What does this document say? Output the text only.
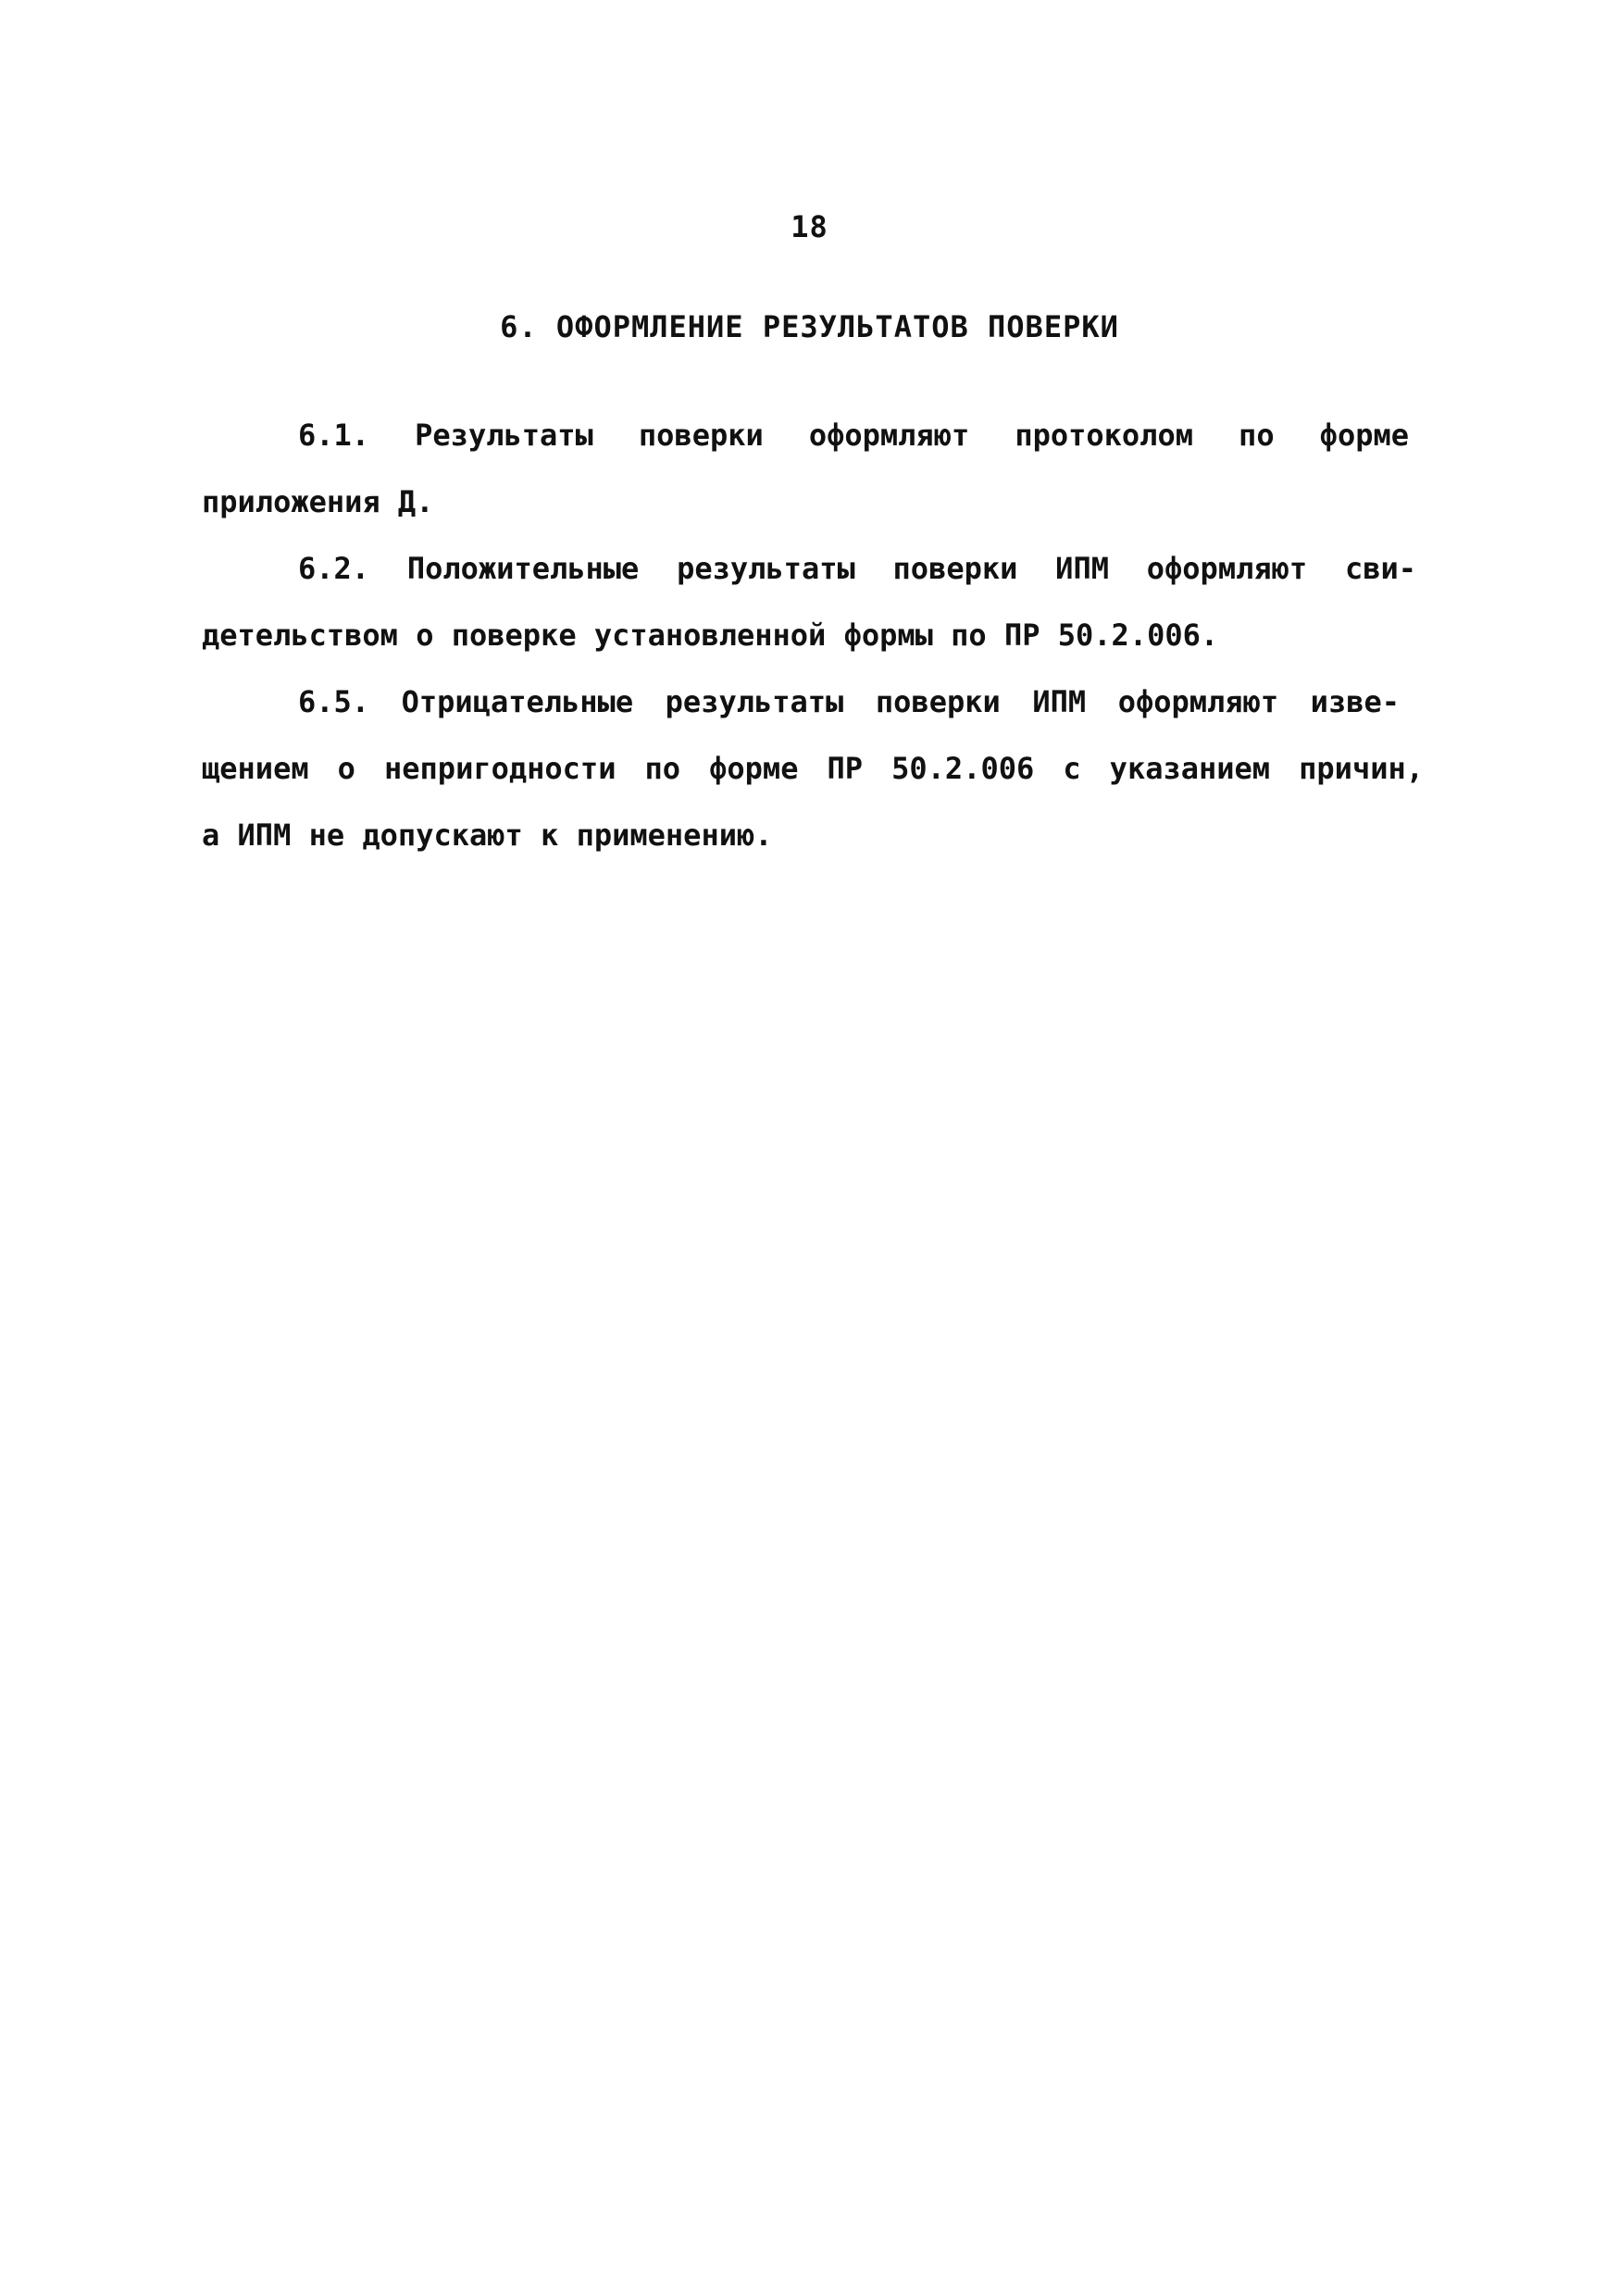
18
6. ОФОРМЛЕНИЕ РЕЗУЛЬТАТОВ ПОВЕРКИ
6.1. Результаты поверки оформляют протоколом по форме
приложения Д.
6.2. Положительные результаты поверки ИПМ оформляют сви-
детельством о поверке установленной формы по ПР 50.2.006.
6.5. Отрицательные результаты поверки ИПМ оформляют изве-
щением о непригодности по форме ПР 50.2.006 с указанием причин,
а ИПМ не допускают к применению.
